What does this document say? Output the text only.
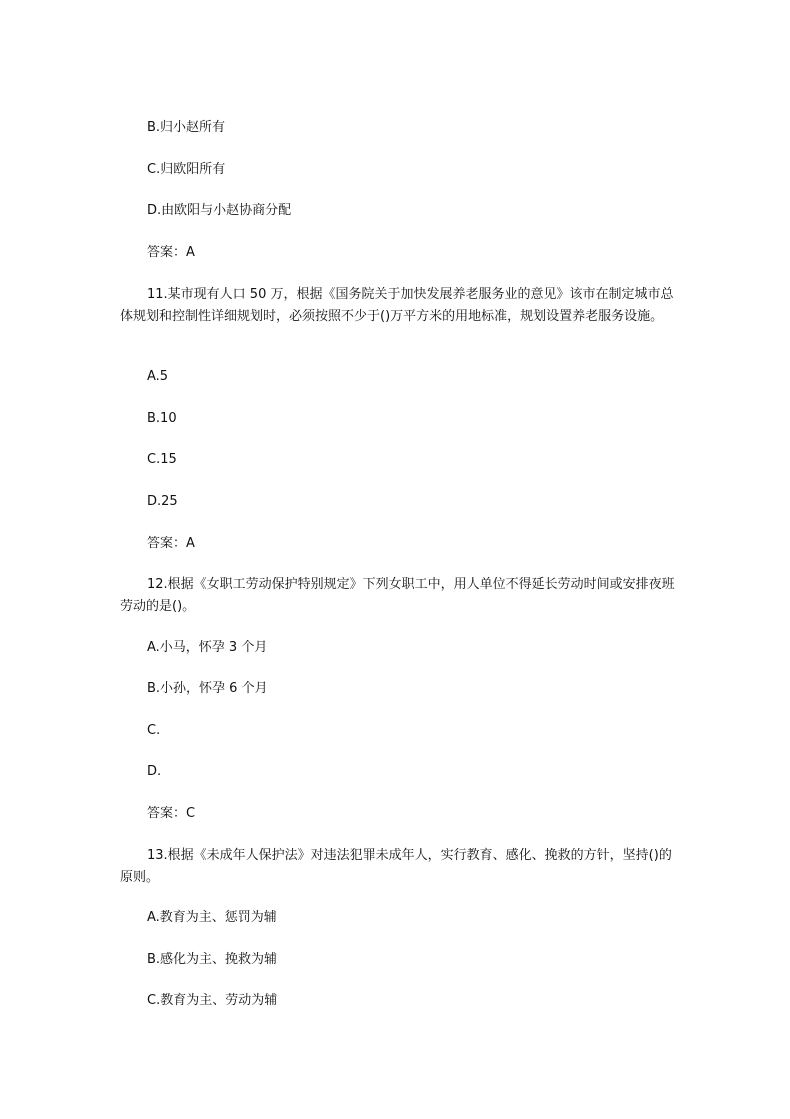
B.归小赵所有
C.归欧阳所有
D.由欧阳与小赵协商分配
答案：A
11.某市现有人口 50 万，根据《国务院关于加快发展养老服务业的意见》该市在制定城市总体规划和控制性详细规划时，必须按照不少于()万平方米的用地标准，规划设置养老服务设施。
A.5
B.10
C.15
D.25
答案：A
12.根据《女职工劳动保护特别规定》下列女职工中，用人单位不得延长劳动时间或安排夜班劳动的是()。
A.小马，怀孕 3 个月
B.小孙，怀孕 6 个月
C.
D.
答案：C
13.根据《未成年人保护法》对违法犯罪未成年人，实行教育、感化、挽救的方针，坚持()的原则。
A.教育为主、惩罚为辅
B.感化为主、挽救为辅
C.教育为主、劳动为辅
